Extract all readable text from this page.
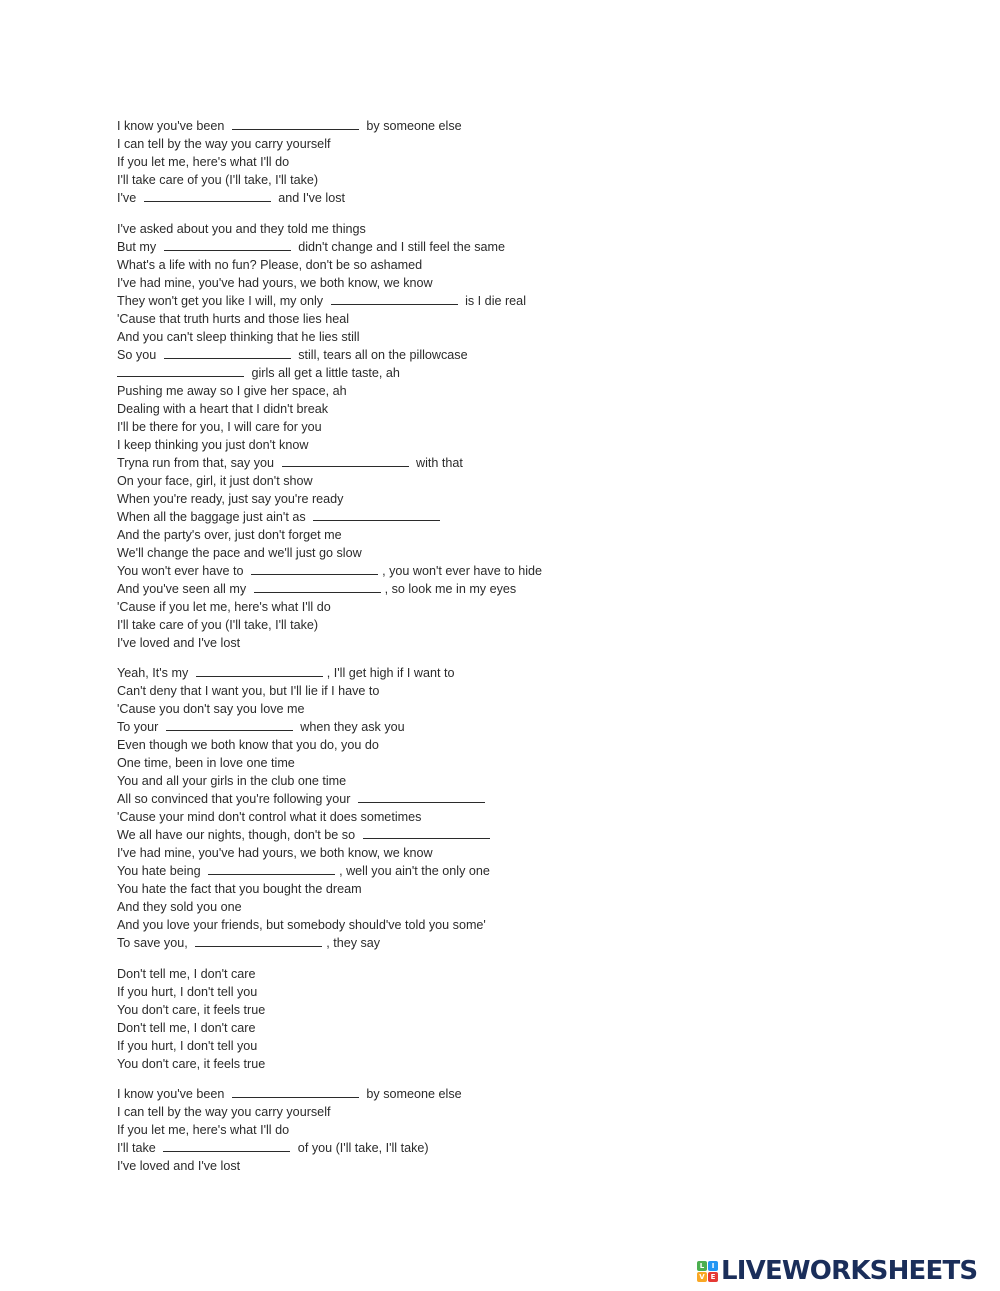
I know you've been	by someone else
I can tell by the way you carry yourself
If you let me, here's what I'll do
I'll take care of you (I'll take, I'll take)
I've	and I've lost
I've asked about you and they told me things
But my	didn't change and I still feel the same
What's a life with no fun? Please, don't be so ashamed
I've had mine, you've had yours, we both know, we know
They won't get you like I will, my only	is I die real
'Cause that truth hurts and those lies heal
And you can't sleep thinking that he lies still
So you	still, tears all on the pillowcase
girls all get a little taste, ah
Pushing me away so I give her space, ah
Dealing with a heart that I didn't break
I'll be there for you, I will care for you
I keep thinking you just don't know
Tryna run from that, say you	with that
On your face, girl, it just don't show
When you're ready, just say you're ready
When all the baggage just ain't as
And the party's over, just don't forget me
We'll change the pace and we'll just go slow
You won't ever have to	, you won't ever have to hide
And you've seen all my	, so look me in my eyes
'Cause if you let me, here's what I'll do
I'll take care of you (I'll take, I'll take)
I've loved and I've lost
Yeah, It's my	, I'll get high if I want to
Can't deny that I want you, but I'll lie if I have to
'Cause you don't say you love me
To your	when they ask you
Even though we both know that you do, you do
One time, been in love one time
You and all your girls in the club one time
All so convinced that you're following your
'Cause your mind don't control what it does sometimes
We all have our nights, though, don't be so
I've had mine, you've had yours, we both know, we know
You hate being	, well you ain't the only one
You hate the fact that you bought the dream
And they sold you one
And you love your friends, but somebody should've told you some'
To save you,	, they say
Don't tell me, I don't care
If you hurt, I don't tell you
You don't care, it feels true
Don't tell me, I don't care
If you hurt, I don't tell you
You don't care, it feels true
I know you've been	by someone else
I can tell by the way you carry yourself
If you let me, here's what I'll do
I'll take	of you (I'll take, I'll take)
I've loved and I've lost
L	I
V E LIVEWORKSHEETS
